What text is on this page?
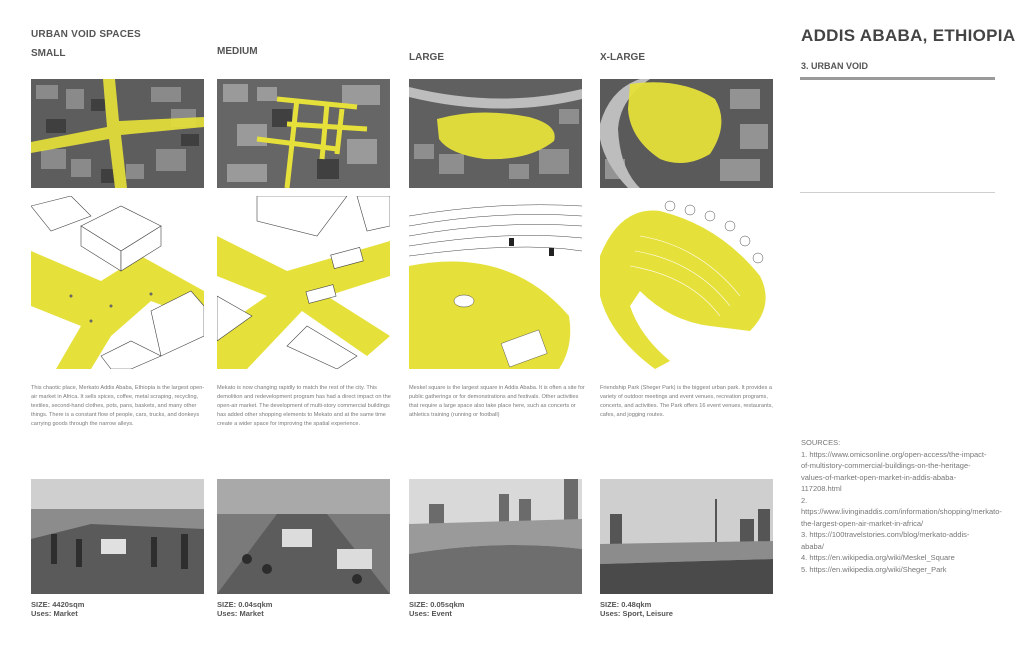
URBAN VOID SPACES
SMALL	MEDIUM
LARGE	X-LARGE
ADDIS ABABA, ETHIOPIA
3. URBAN VOID
SOURCES:
1. https://www.omicsonline.org/open-access/the-impact-of-multistory-commercial-buildings-on-the-heritage-values-of-market-open-market-in-addis-ababa-117208.html
2. https://www.livinginaddis.com/information/shopping/merkato-the-largest-open-air-market-in-africa/
3. https://100travelstories.com/blog/merkato-addis-ababa/
4. https://en.wikipedia.org/wiki/Meskel_Square
5. https://en.wikipedia.org/wiki/Sheger_Park
This chaotic place, Merkato Addis Ababa, Ethiopia is the largest open-air market in Africa. It sells spices, coffee, metal scraping, recycling, textiles, second-hand clothes, pots, pans, baskets, and many other things. There is a constant flow of people, cars, trucks, and donkeys carrying goods through the narrow alleys.
Mekato is now changing rapidly to match the rest of the city. This demolition and redevelopment program has had a direct impact on the open-air market. The development of multi-story commercial buildings has added other shopping elements to Mekato and at the same time create a wider space for improving the spatial experience.
Meskel square is the largest square in Addis Ababa. It is often a site for public gatherings or for demonstrations and festivals. Other activities that require a large space also take place here, such as concerts or athletics training (running or football)
Friendship Park (Sheger Park) is the biggest urban park. It provides a variety of outdoor meetings and event venues, recreation programs, concerts, and activities. The Park offers 16 event venues, restaurants, cafes, and jogging routes.
SIZE: 4420sqm
Uses: Market
SIZE: 0.04sqkm
Uses: Market
SIZE: 0.05sqkm
Uses: Event
SIZE: 0.48qkm
Uses: Sport, Leisure
